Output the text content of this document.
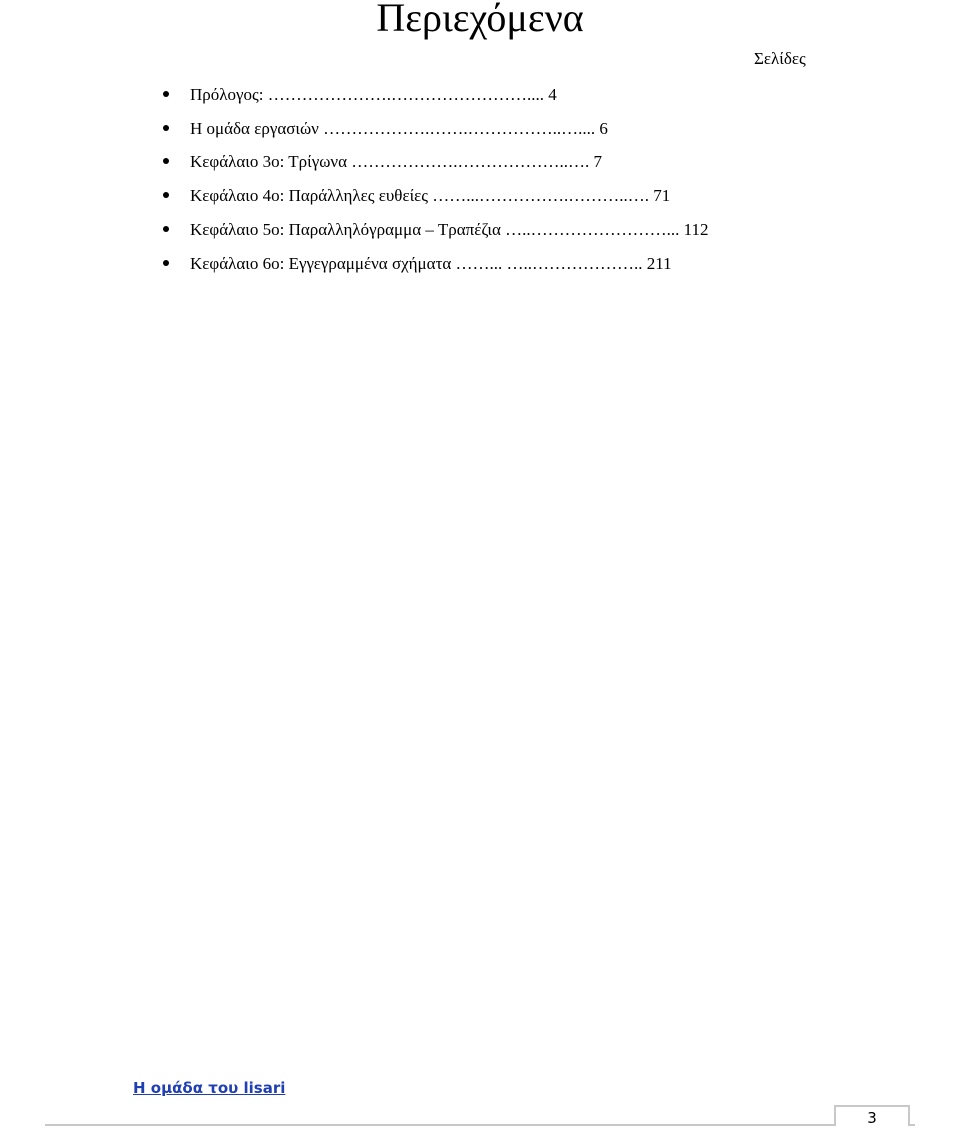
Περιεχόμενα
Σελίδες
Πρόλογος: ………………….…………………….... 4
Η ομάδα εργασιών ……………….…….……………..….... 6
Κεφάλαιο 3ο: Τρίγωνα ……………….………………..…. 7
Κεφάλαιο 4ο: Παράλληλες ευθείες ……...…………….………..…. 71
Κεφάλαιο 5ο: Παραλληλόγραμμα – Τραπέζια …..……………………... 112
Κεφάλαιο 6ο: Εγγεγραμμένα σχήματα ……... …..……………….. 211
Η ομάδα του lisari
3
